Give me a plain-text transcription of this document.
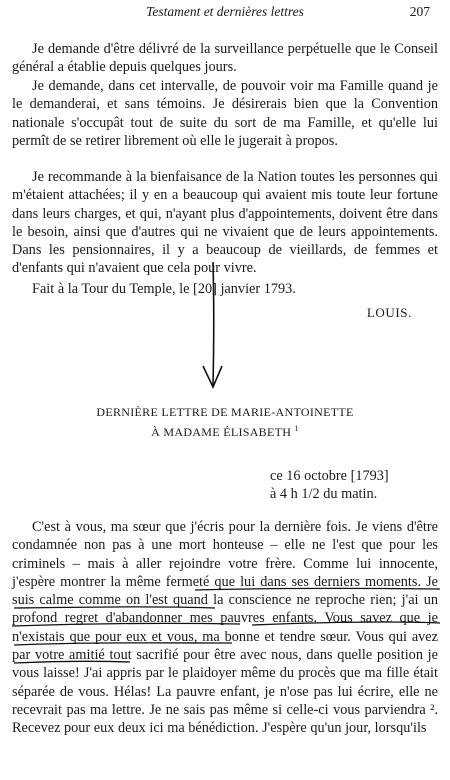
Testament et dernières lettres	207

Je demande d'être délivré de la surveillance perpétuelle que le Conseil général a établie depuis quelques jours.

Je demande, dans cet intervalle, de pouvoir voir ma Famille quand je le demanderai, et sans témoins. Je désirerais bien que la Convention nationale s'occupât tout de suite du sort de ma Famille, et qu'elle lui permît de se retirer librement où elle le jugerait à propos.

Je recommande à la bienfaisance de la Nation toutes les personnes qui m'étaient attachées; il y en a beaucoup qui avaient mis toute leur fortune dans leurs charges, et qui, n'ayant plus d'appointements, doivent être dans le besoin, ainsi que d'autres qui ne vivaient que de leurs appointements. Dans les pensionnaires, il y a beaucoup de vieillards, de femmes et d'enfants qui n'avaient que cela pour vivre.

Fait à la Tour du Temple, le [20] janvier 1793.

LOUIS.
DERNIÈRE LETTRE DE MARIE-ANTOINETTE
À MADAME ÉLISABETH $^1$
ce 16 octobre [1793]
à 4 h 1/2 du matin.

C'est à vous, ma sœur que j'écris pour la dernière fois. Je viens d'être condamnée non pas à une mort honteuse – elle ne l'est que pour les criminels – mais à aller rejoindre votre frère. Comme lui innocente, j'espère montrer la même fermeté que lui dans ses derniers moments. Je suis calme comme on l'est quand la conscience ne reproche rien; j'ai un profond regret d'abandonner mes pauvres enfants. Vous savez que je n'existais que pour eux et vous, ma bonne et tendre sœur. Vous qui avez par votre amitié tout sacrifié pour être avec nous, dans quelle position je vous laisse! J'ai appris par le plaidoyer même du procès que ma fille était séparée de vous. Hélas! La pauvre enfant, je n'ose pas lui écrire, elle ne recevrait pas ma lettre. Je ne sais pas même si celle-ci vous parviendra ². Recevez pour eux deux ici ma bénédiction. J'espère qu'un jour, lorsqu'ils
